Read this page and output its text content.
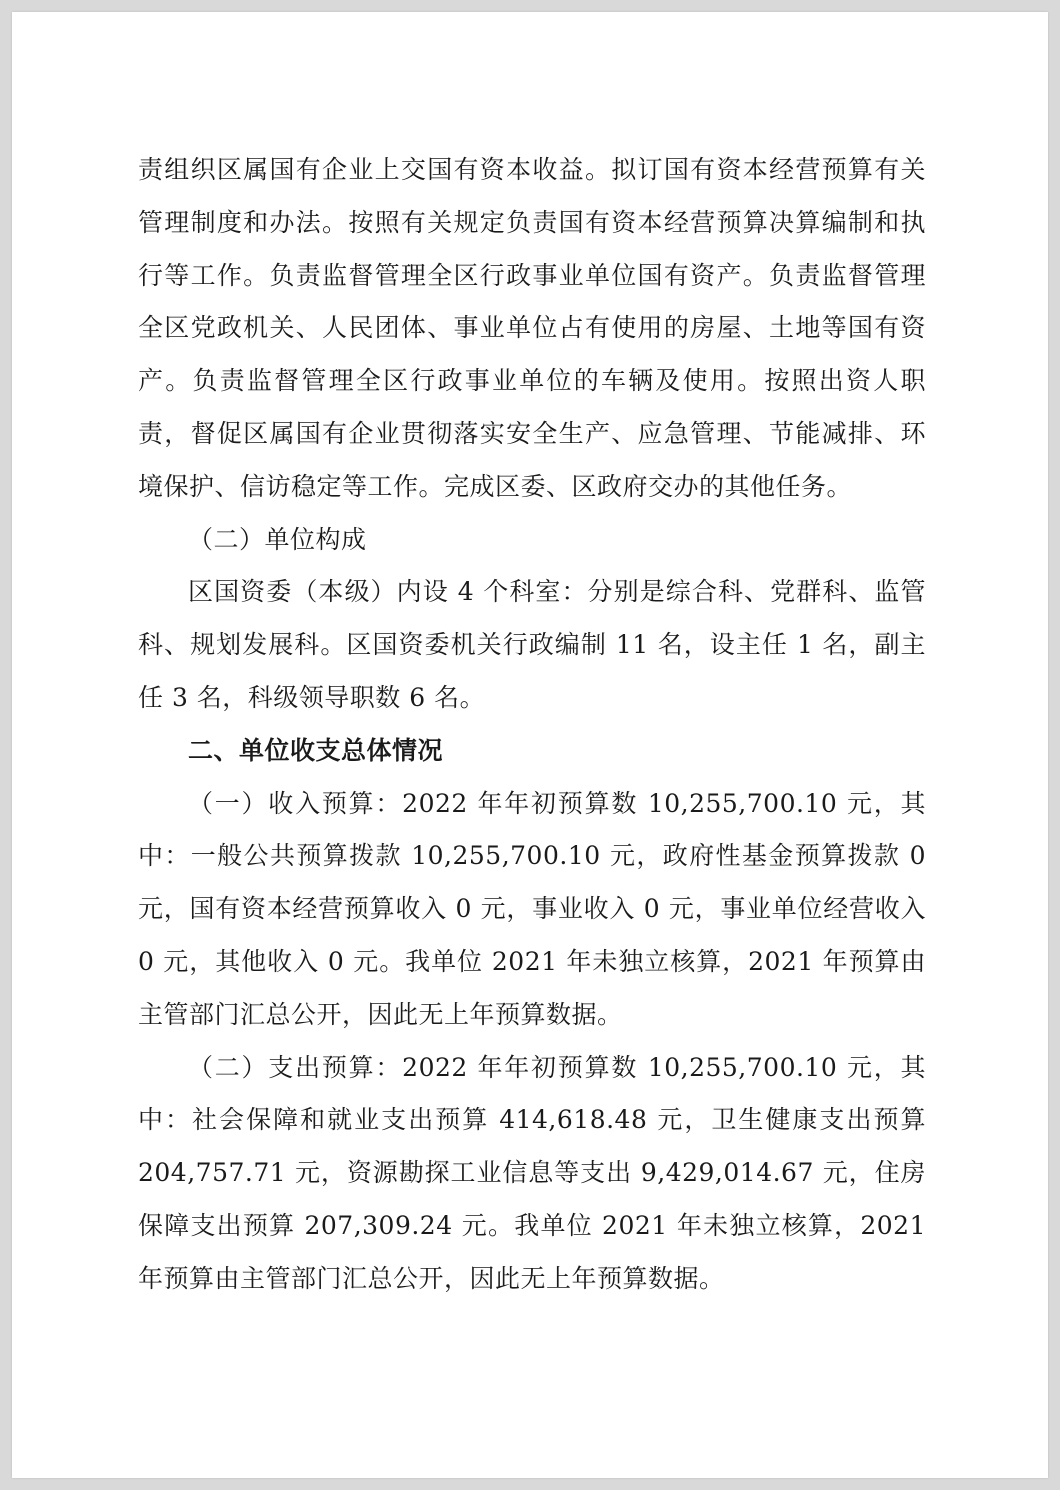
责组织区属国有企业上交国有资本收益。拟订国有资本经营预算有关管理制度和办法。按照有关规定负责国有资本经营预算决算编制和执行等工作。负责监督管理全区行政事业单位国有资产。负责监督管理全区党政机关、人民团体、事业单位占有使用的房屋、土地等国有资产。负责监督管理全区行政事业单位的车辆及使用。按照出资人职责，督促区属国有企业贯彻落实安全生产、应急管理、节能减排、环境保护、信访稳定等工作。完成区委、区政府交办的其他任务。

（二）单位构成

区国资委（本级）内设 4 个科室：分别是综合科、党群科、监管科、规划发展科。区国资委机关行政编制 11 名，设主任 1 名，副主任 3 名，科级领导职数 6 名。

二、单位收支总体情况

（一）收入预算：2022 年年初预算数 10,255,700.10 元，其中：一般公共预算拨款 10,255,700.10 元，政府性基金预算拨款 0 元，国有资本经营预算收入 0 元，事业收入 0 元，事业单位经营收入 0 元，其他收入 0 元。我单位 2021 年未独立核算，2021 年预算由主管部门汇总公开，因此无上年预算数据。

（二）支出预算：2022 年年初预算数 10,255,700.10 元，其中：社会保障和就业支出预算 414,618.48 元，卫生健康支出预算 204,757.71 元，资源勘探工业信息等支出 9,429,014.67 元，住房保障支出预算 207,309.24 元。我单位 2021 年未独立核算，2021 年预算由主管部门汇总公开，因此无上年预算数据。
